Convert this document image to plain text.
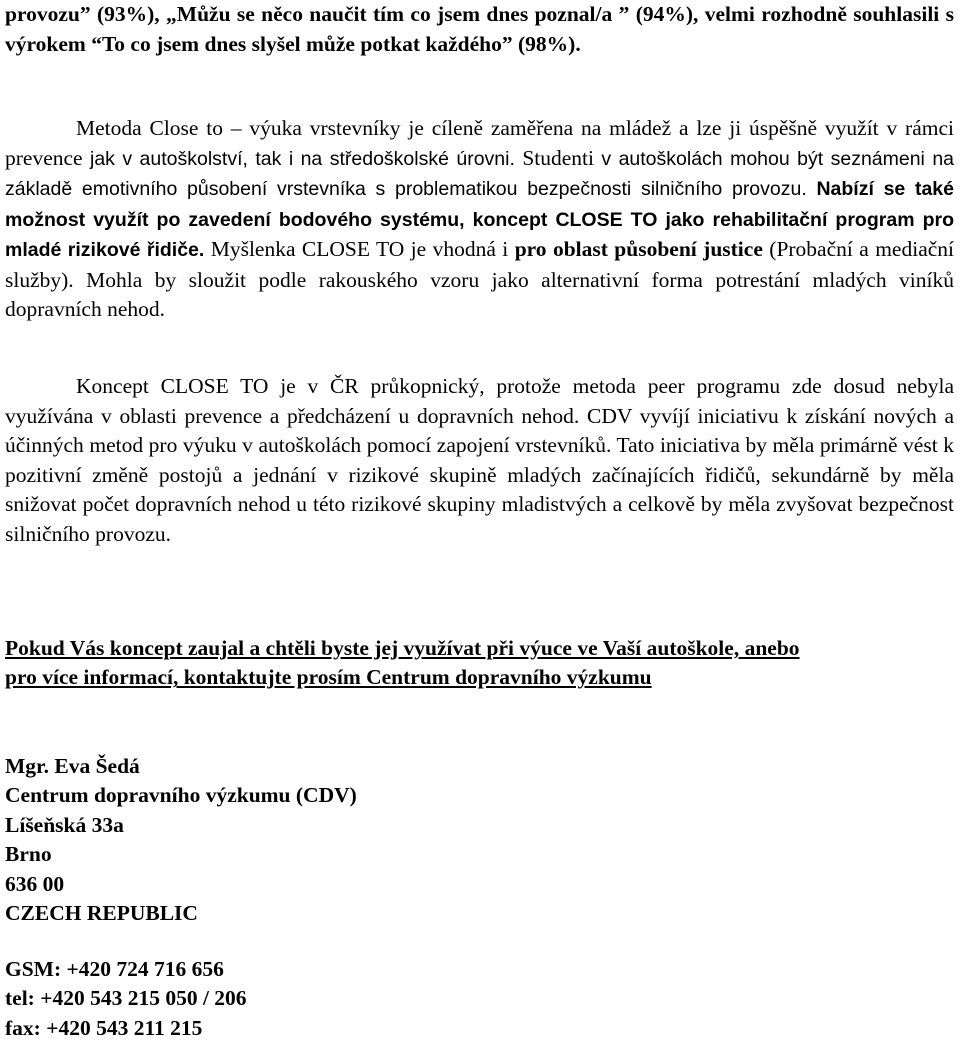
provozu” (93%), „Můžu se něco naučit tím co jsem dnes poznal/a ” (94%), velmi rozhodně souhlasili s výrokem “To co jsem dnes slyšel může potkat každého” (98%).

Metoda Close to – výuka vrstevníky je cíleně zaměřena na mládež a lze ji úspěšně využít v rámci prevence jak v autoškolství, tak i na středoškolské úrovni. Studenti v autoškolách mohou být seznámeni na základě emotivního působení vrstevníka s problematikou bezpečnosti silničního provozu. Nabízí se také možnost využít po zavedení bodového systému, koncept CLOSE TO jako rehabilitační program pro mladé rizikové řidiče. Myšlenka CLOSE TO je vhodná i pro oblast působení justice (Probační a mediační služby). Mohla by sloužit podle rakouského vzoru jako alternativní forma potrestání mladých viníků dopravních nehod.

Koncept CLOSE TO je v ČR průkopnický, protože metoda peer programu zde dosud nebyla využívána v oblasti prevence a předcházení u dopravních nehod. CDV vyvíjí iniciativu k získání nových a účinných metod pro výuku v autoškolách pomocí zapojení vrstevníků. Tato iniciativa by měla primárně vést k pozitivní změně postojů a jednání v rizikové skupině mladých začínajících řidičů, sekundárně by měla snižovat počet dopravních nehod u této rizikové skupiny mladistvých a celkově by měla zvyšovat bezpečnost silničního provozu.

Pokud Vás koncept zaujal a chtěli byste jej využívat při výuce ve Vaší autoškole, anebo
pro více informací, kontaktujte prosím Centrum dopravního výzkumu
Mgr. Eva Šedá
Centrum dopravního výzkumu (CDV)
Líšeňská 33a
Brno
636 00
CZECH REPUBLIC
GSM: +420 724 716 656
tel: +420 543 215 050 / 206
fax: +420 543 211 215
